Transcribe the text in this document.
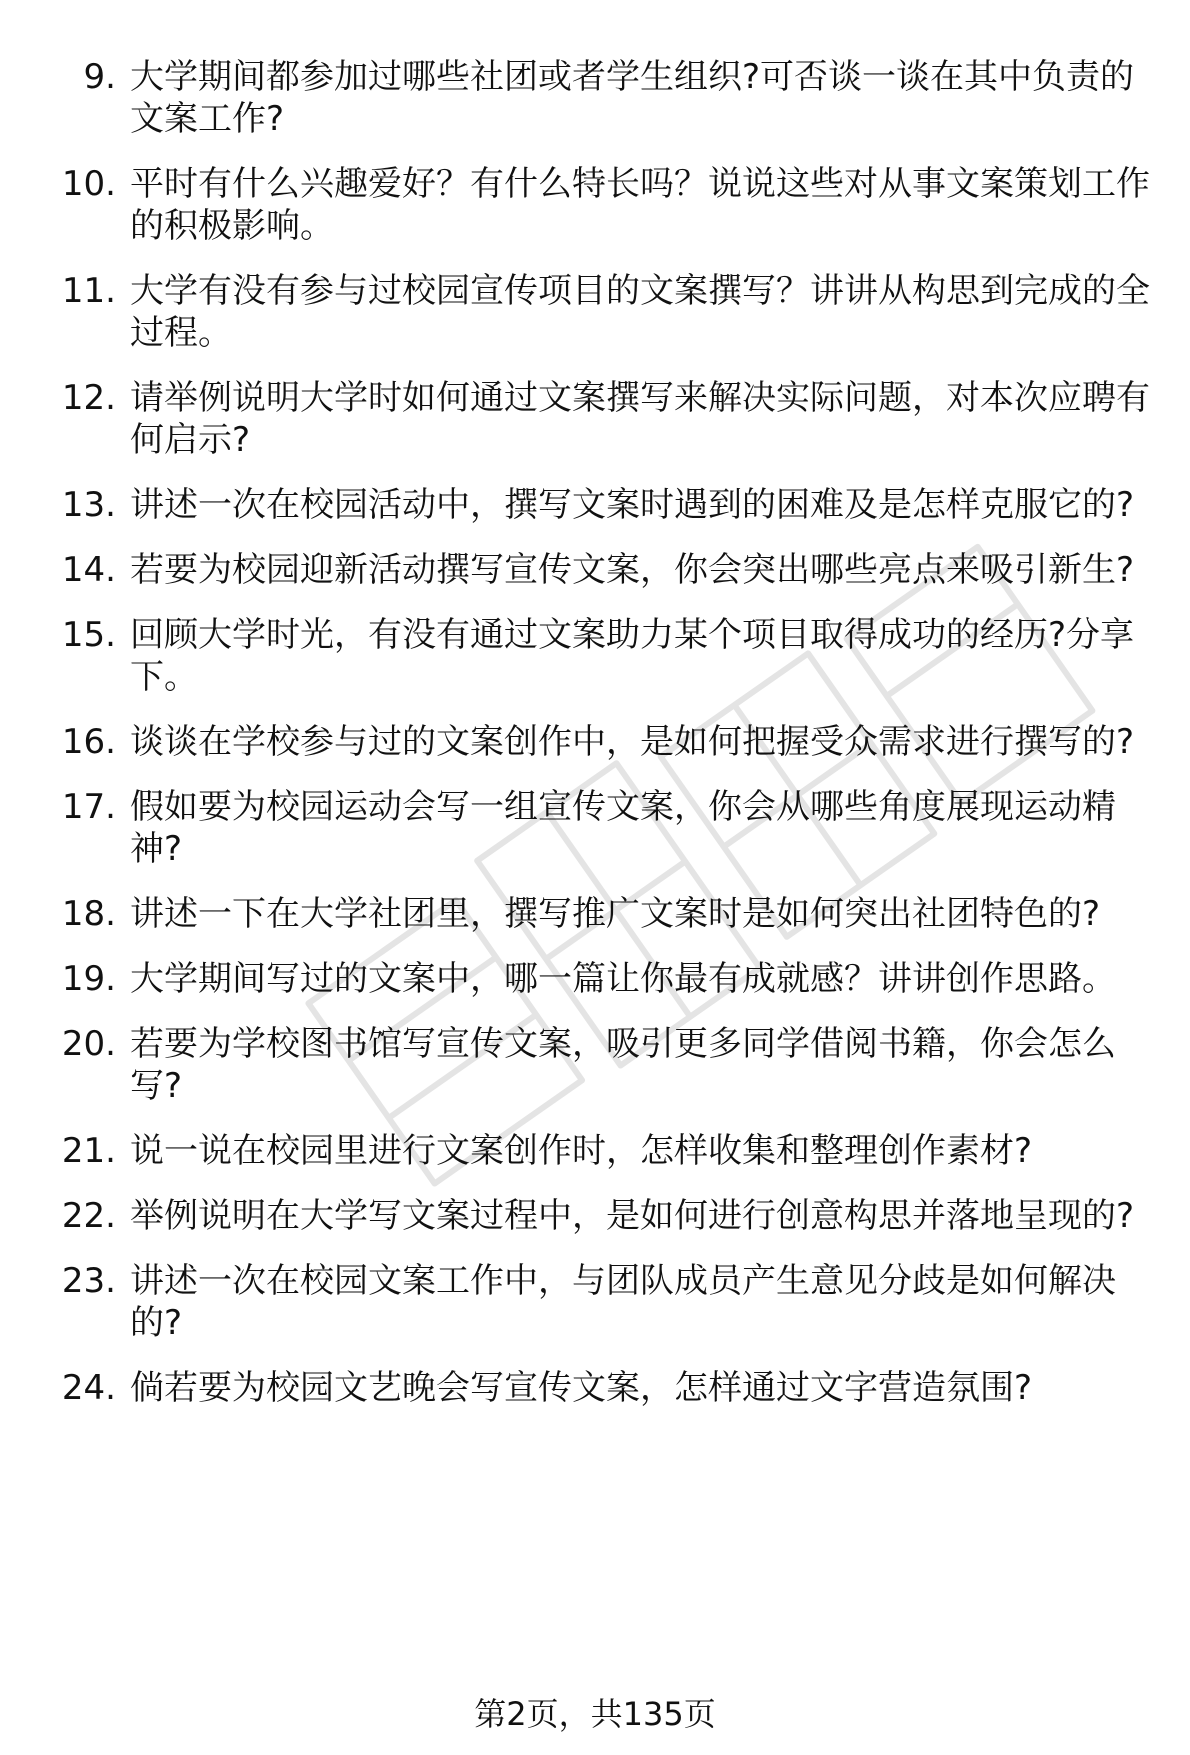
9. 大学期间都参加过哪些社团或者学生组织?可否谈一谈在其中负责的文案工作?
10. 平时有什么兴趣爱好？有什么特长吗？说说这些对从事文案策划工作的积极影响。
11. 大学有没有参与过校园宣传项目的文案撰写？讲讲从构思到完成的全过程。
12. 请举例说明大学时如何通过文案撰写来解决实际问题，对本次应聘有何启示?
13. 讲述一次在校园活动中，撰写文案时遇到的困难及是怎样克服它的?
14. 若要为校园迎新活动撰写宣传文案，你会突出哪些亮点来吸引新生?
15. 回顾大学时光，有没有通过文案助力某个项目取得成功的经历?分享下。
16. 谈谈在学校参与过的文案创作中，是如何把握受众需求进行撰写的?
17. 假如要为校园运动会写一组宣传文案，你会从哪些角度展现运动精神?
18. 讲述一下在大学社团里，撰写推广文案时是如何突出社团特色的?
19. 大学期间写过的文案中，哪一篇让你最有成就感？讲讲创作思路。
20. 若要为学校图书馆写宣传文案，吸引更多同学借阅书籍，你会怎么写?
21. 说一说在校园里进行文案创作时，怎样收集和整理创作素材?
22. 举例说明在大学写文案过程中，是如何进行创意构思并落地呈现的?
23. 讲述一次在校园文案工作中，与团队成员产生意见分歧是如何解决的?
24. 倘若要为校园文艺晚会写宣传文案，怎样通过文字营造氛围?
第2页，共135页
